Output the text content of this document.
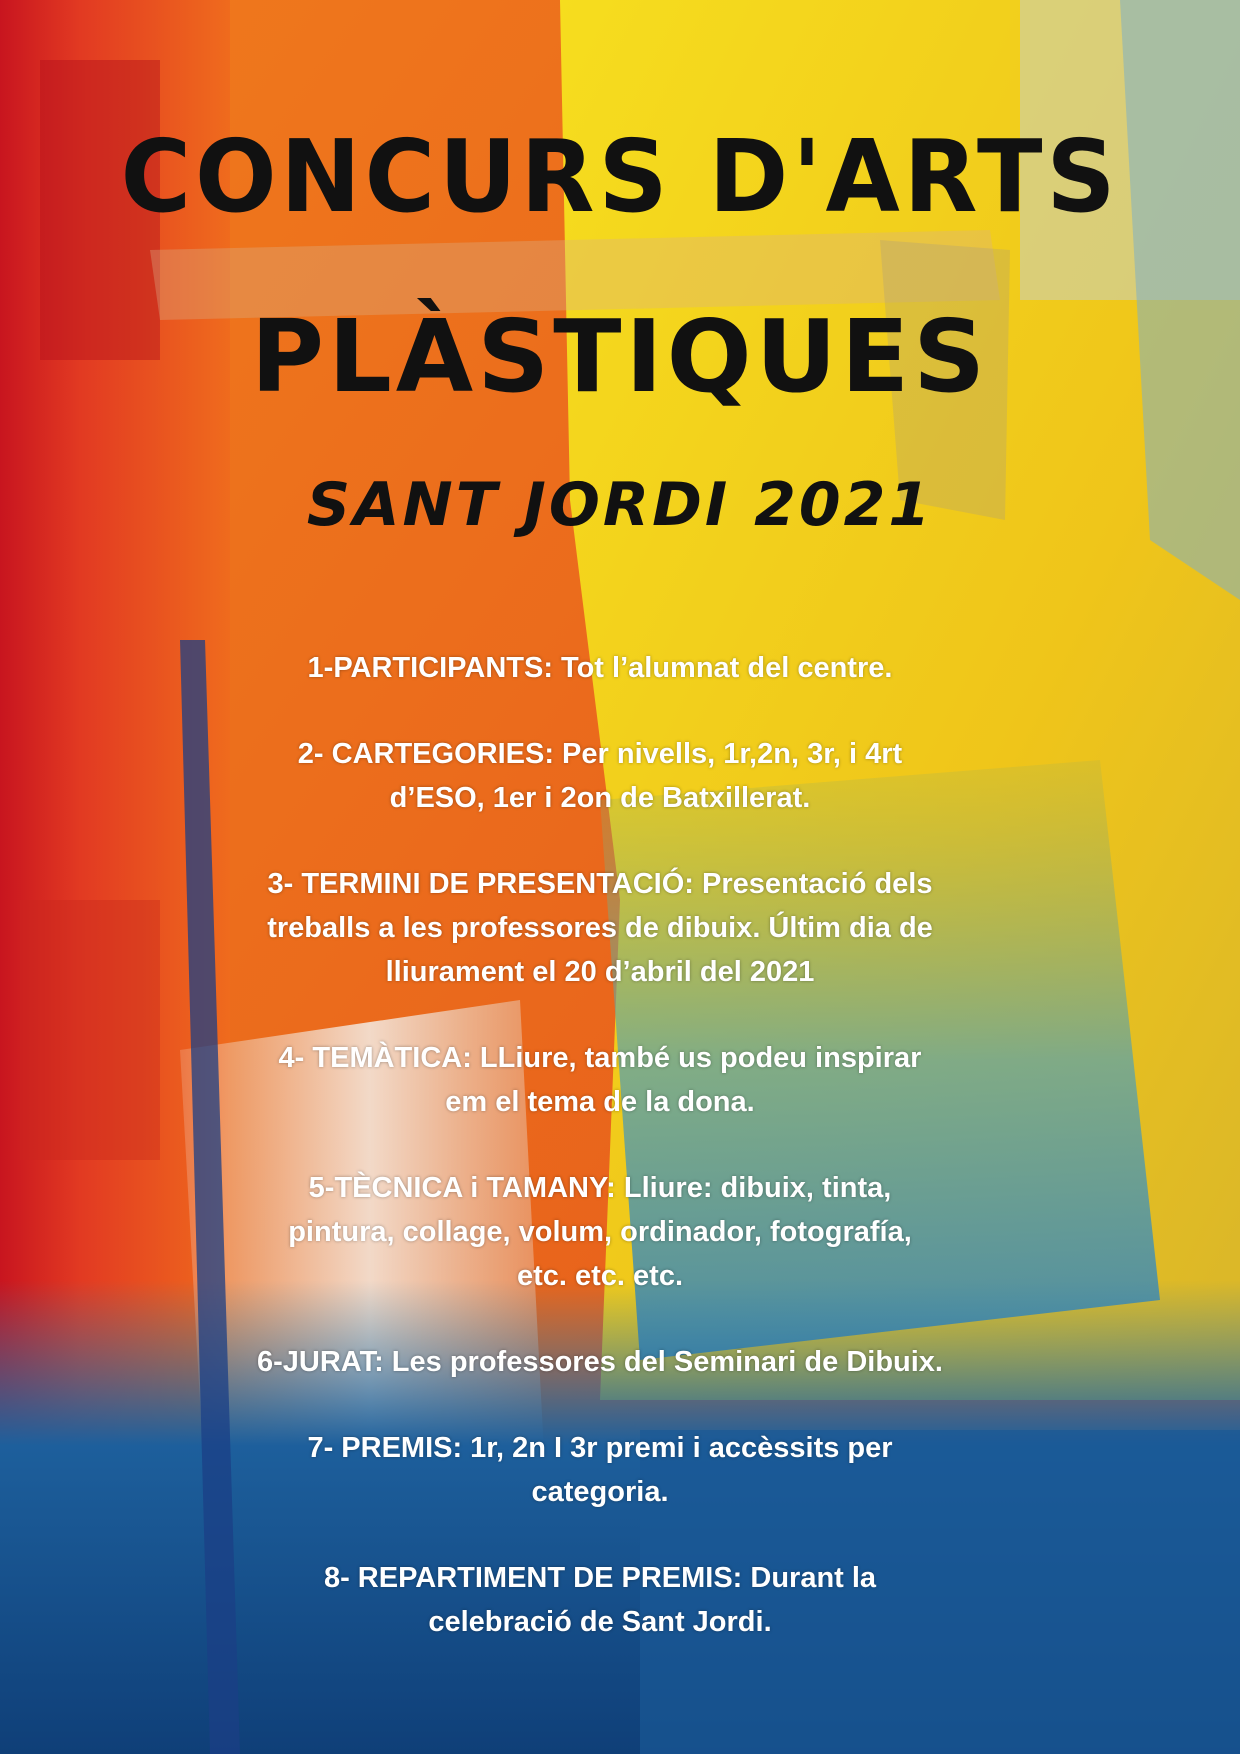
CONCURS D'ARTS
PLÀSTIQUES
SANT JORDI 2021

1-PARTICIPANTS: Tot l’alumnat del centre.

2- CARTEGORIES: Per nivells, 1r,2n, 3r, i 4rt
d’ESO, 1er i 2on de Batxillerat.

3- TERMINI DE PRESENTACIÓ: Presentació dels
treballs a les professores de dibuix. Últim dia de
lliurament el 20 d’abril del 2021

4- TEMÀTICA: LLiure, també us podeu inspirar
em el tema de la dona.

5-TÈCNICA i TAMANY: Lliure: dibuix, tinta,
pintura, collage, volum, ordinador, fotografía,
etc. etc. etc.

6-JURAT: Les professores del Seminari de Dibuix.

7- PREMIS: 1r, 2n I 3r premi i accèssits per
categoria.

8- REPARTIMENT DE PREMIS: Durant la
celebració de Sant Jordi.
